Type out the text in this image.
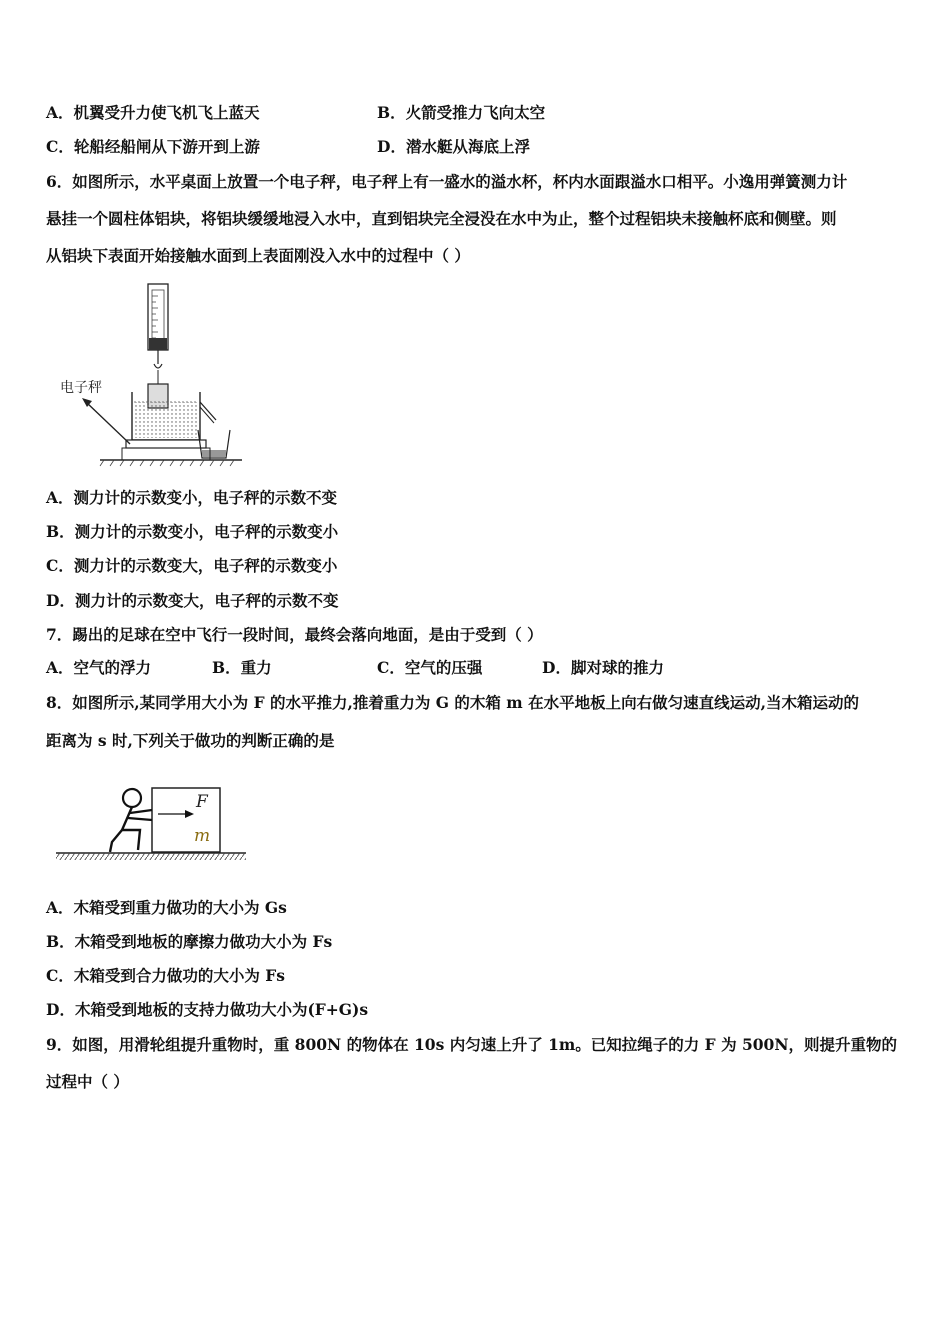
A．机翼受升力使飞机飞上蓝天	B．火箭受推力飞向太空
C．轮船经船闸从下游开到上游	D．潜水艇从海底上浮
6．如图所示，水平桌面上放置一个电子秤，电子秤上有一盛水的溢水杯，杯内水面跟溢水口相平。小逸用弹簧测力计
悬挂一个圆柱体铝块，将铝块缓缓地浸入水中，直到铝块完全浸没在水中为止，整个过程铝块未接触杯底和侧壁。则
从铝块下表面开始接触水面到上表面刚没入水中的过程中（ ）
电子秤
A．测力计的示数变小，电子秤的示数不变
B．测力计的示数变小，电子秤的示数变小
C．测力计的示数变大，电子秤的示数变小
D．测力计的示数变大，电子秤的示数不变
7．踢出的足球在空中飞行一段时间，最终会落向地面，是由于受到（ ）
A．空气的浮力	B．重力	C．空气的压强	D．脚对球的推力
8．如图所示,某同学用大小为 F 的水平推力,推着重力为 G 的木箱 m 在水平地板上向右做匀速直线运动,当木箱运动的
距离为 s 时,下列关于做功的判断正确的是
F
m
A．木箱受到重力做功的大小为 Gs
B．木箱受到地板的摩擦力做功大小为 Fs
C．木箱受到合力做功的大小为 Fs
D．木箱受到地板的支持力做功大小为(F+G)s
9．如图，用滑轮组提升重物时，重 800N 的物体在 10s 内匀速上升了 1m。已知拉绳子的力 F 为 500N，则提升重物的
过程中（ ）
